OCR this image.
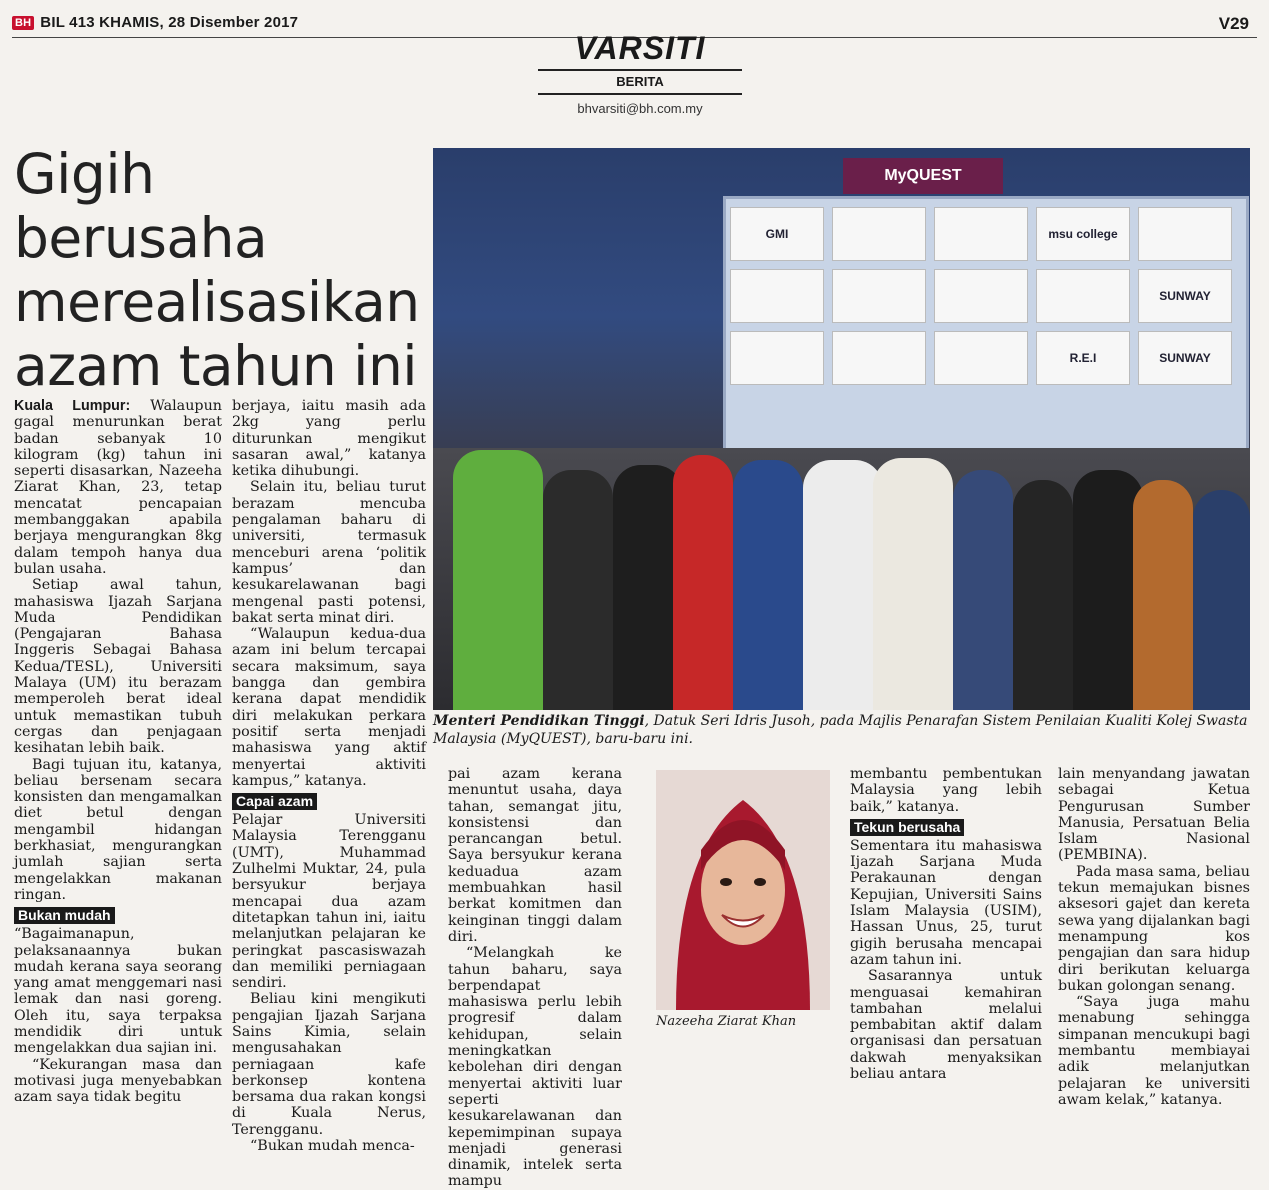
BH BIL 413 KHAMIS, 28 Disember 2017	V29
VARSITI
BERITA
bhvarsiti@bh.com.my
Gigih berusaha merealisasikan azam tahun ini
MyQUEST
GMI	msu college
SUNWAY
R.E.I	SUNWAY
Menteri Pendidikan Tinggi, Datuk Seri Idris Jusoh, pada Majlis Penarafan Sistem Penilaian Kualiti Kolej Swasta Malaysia (MyQUEST), baru-baru ini.

Kuala Lumpur: Walaupun gagal menurunkan berat badan sebanyak 10 kilogram (kg) tahun ini seperti disasarkan, Nazeeha Ziarat Khan, 23, tetap mencatat pencapaian membanggakan apabila berjaya mengurangkan 8kg dalam tempoh hanya dua bulan usaha.

Setiap awal tahun, mahasiswa Ijazah Sarjana Muda Pendidikan (Pengajaran Bahasa Inggeris Sebagai Bahasa Kedua/TESL), Universiti Malaya (UM) itu berazam memperoleh berat ideal untuk memastikan tubuh cergas dan penjagaan kesihatan lebih baik.

Bagi tujuan itu, katanya, beliau bersenam secara konsisten dan mengamalkan diet betul dengan mengambil hidangan berkhasiat, mengurangkan jumlah sajian serta mengelakkan makanan ringan.

Bukan mudah

“Bagaimanapun, pelaksanaannya bukan mudah kerana saya seorang yang amat menggemari nasi lemak dan nasi goreng. Oleh itu, saya terpaksa mendidik diri untuk mengelakkan dua sajian ini.

“Kekurangan masa dan motivasi juga menyebabkan azam saya tidak begitu

berjaya, iaitu masih ada 2kg yang perlu diturunkan mengikut sasaran awal,” katanya ketika dihubungi.

Selain itu, beliau turut berazam mencuba pengalaman baharu di universiti, termasuk menceburi arena ‘politik kampus’ dan kesukarelawanan bagi mengenal pasti potensi, bakat serta minat diri.

“Walaupun kedua-dua azam ini belum tercapai secara maksimum, saya bangga dan gembira kerana dapat mendidik diri melakukan perkara positif serta menjadi mahasiswa yang aktif menyertai aktiviti kampus,” katanya.

Capai azam

Pelajar Universiti Malaysia Terengganu (UMT), Muhammad Zulhelmi Muktar, 24, pula bersyukur berjaya mencapai dua azam ditetapkan tahun ini, iaitu melanjutkan pelajaran ke peringkat pascasiswazah dan memiliki perniagaan sendiri.

Beliau kini mengikuti pengajian Ijazah Sarjana Sains Kimia, selain mengusahakan perniagaan kafe berkonsep kontena bersama dua rakan kongsi di Kuala Nerus, Terengganu.

“Bukan mudah menca-

pai azam kerana menuntut usaha, daya tahan, semangat jitu, konsistensi dan perancangan betul. Saya bersyukur kerana keduadua azam membuahkan hasil berkat komitmen dan keinginan tinggi dalam diri.

“Melangkah ke tahun baharu, saya berpendapat mahasiswa perlu lebih progresif dalam kehidupan, selain meningkatkan kebolehan diri dengan menyertai aktiviti luar seperti kesukarelawanan dan kepemimpinan supaya menjadi generasi dinamik, intelek serta mampu

Nazeeha Ziarat Khan

membantu pembentukan Malaysia yang lebih baik,” katanya.

Tekun berusaha

Sementara itu mahasiswa Ijazah Sarjana Muda Perakaunan dengan Kepujian, Universiti Sains Islam Malaysia (USIM), Hassan Unus, 25, turut gigih berusaha mencapai azam tahun ini.

Sasarannya untuk menguasai kemahiran tambahan melalui pembabitan aktif dalam organisasi dan persatuan dakwah menyaksikan beliau antara

lain menyandang jawatan sebagai Ketua Pengurusan Sumber Manusia, Persatuan Belia Islam Nasional (PEMBINA).

Pada masa sama, beliau tekun memajukan bisnes aksesori gajet dan kereta sewa yang dijalankan bagi menampung kos pengajian dan sara hidup diri berikutan keluarga bukan golongan senang.

“Saya juga mahu menabung sehingga simpanan mencukupi bagi membantu membiayai adik melanjutkan pelajaran ke universiti awam kelak,” katanya.
